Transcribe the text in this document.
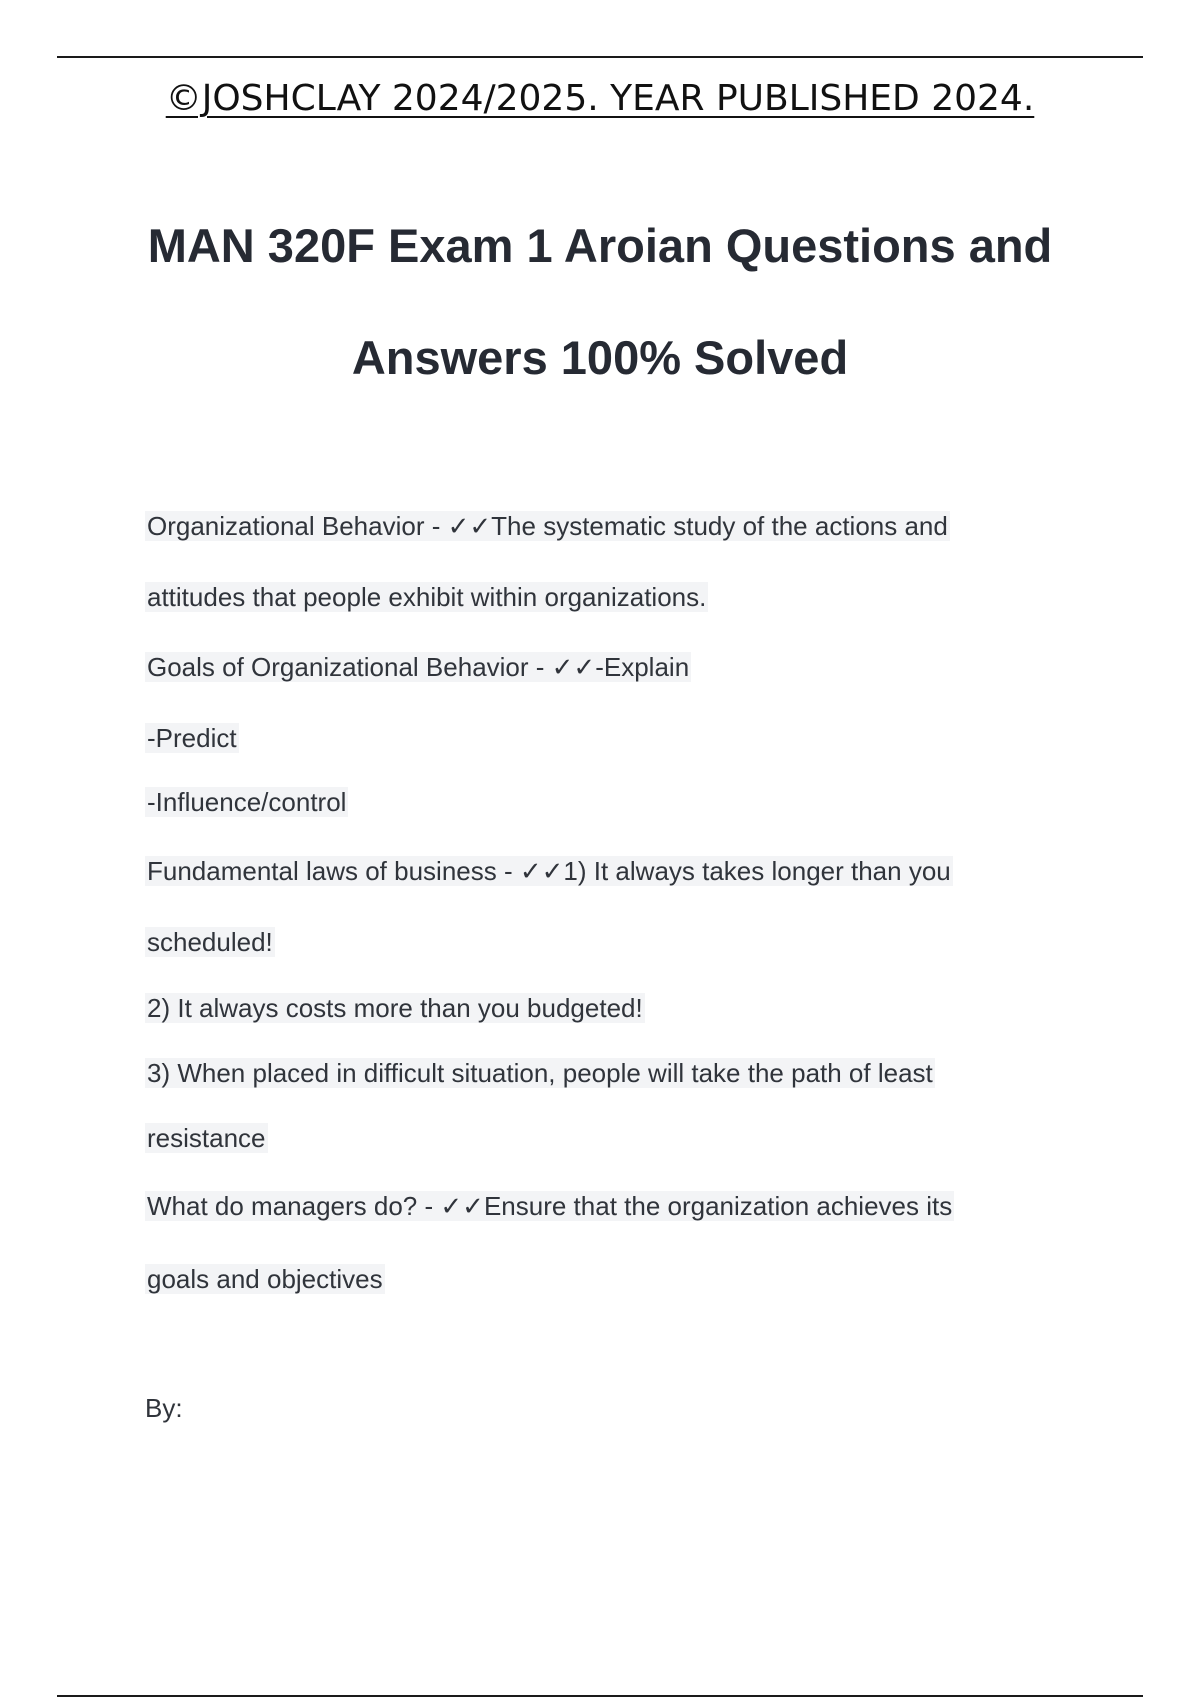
©JOSHCLAY 2024/2025. YEAR PUBLISHED 2024.
MAN 320F Exam 1 Aroian Questions and
Answers 100% Solved
Organizational Behavior - ✓✓The systematic study of the actions and
attitudes that people exhibit within organizations.
Goals of Organizational Behavior - ✓✓-Explain
-Predict
-Influence/control
Fundamental laws of business - ✓✓1) It always takes longer than you
scheduled!
2) It always costs more than you budgeted!
3) When placed in difficult situation, people will take the path of least
resistance
What do managers do? - ✓✓Ensure that the organization achieves its
goals and objectives
By:
